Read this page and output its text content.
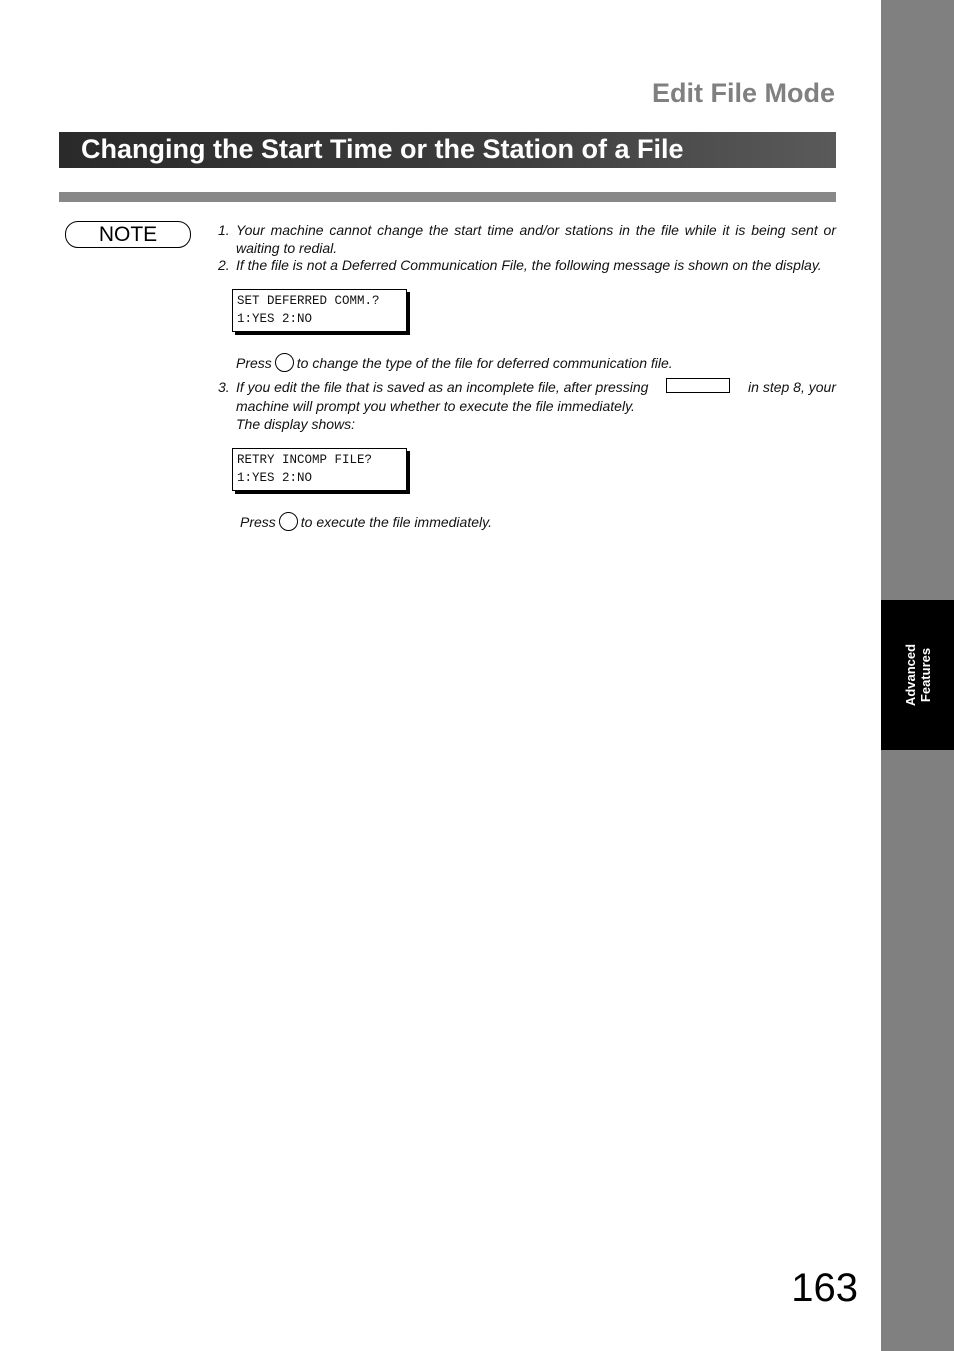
Advanced Features
Edit File Mode
Changing the Start Time or the Station of a File
NOTE	1. Your machine cannot change the start time and/or stations in the file while it is being sent or
waiting to redial.
2. If the file is not a Deferred Communication File, the following message is shown on the display.
SET DEFERRED COMM.?
1:YES 2:NO
Press to change the type of the file for deferred communication file.
3. If you edit the file that is saved as an incomplete file, after pressing	in step 8, your
machine will prompt you whether to execute the file immediately.
The display shows:
RETRY INCOMP FILE?
1:YES 2:NO
Press to execute the file immediately.
163
